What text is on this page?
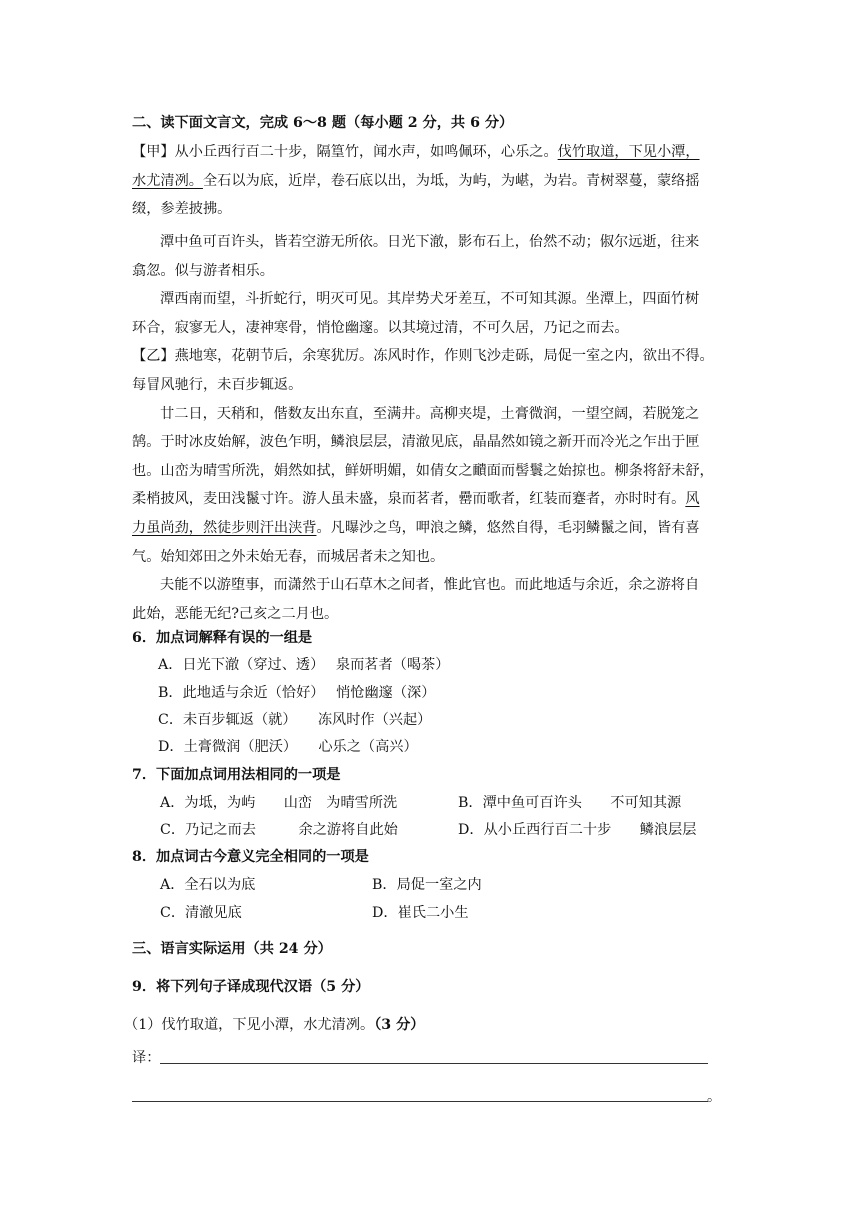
二、读下面文言文，完成 6～8 题（每小题 2 分，共 6 分）
【甲】从小丘西行百二十步，隔篁竹，闻水声，如鸣佩环，心乐之。伐竹取道，下见小潭，
水尤清冽。全石以为底，近岸，卷石底以出，为坻，为屿，为嵁，为岩。青树翠蔓，蒙络摇
缀，参差披拂。
潭中鱼可百许头，皆若空游无所依。日光下澈，影布石上，佁然不动；俶尔远逝，往来
翕忽。似与游者相乐。
潭西南而望，斗折蛇行，明灭可见。其岸势犬牙差互，不可知其源。坐潭上，四面竹树
环合，寂寥无人，凄神寒骨，悄怆幽邃。以其境过清，不可久居，乃记之而去。
【乙】燕地寒，花朝节后，余寒犹厉。冻风时作，作则飞沙走砾，局促一室之内，欲出不得。
每冒风驰行，未百步辄返。
廿二日，天稍和，偕数友出东直，至满井。高柳夹堤，土膏微润，一望空阔，若脱笼之
鹄。于时冰皮始解，波色乍明，鳞浪层层，清澈见底，晶晶然如镜之新开而冷光之乍出于匣
也。山峦为晴雪所洗，娟然如拭，鲜妍明媚，如倩女之靧面而髻鬟之始掠也。柳条将舒未舒，
柔梢披风，麦田浅鬣寸许。游人虽未盛，泉而茗者，罍而歌者，红装而蹇者，亦时时有。风
力虽尚劲，然徒步则汗出浃背。凡曝沙之鸟，呷浪之鳞，悠然自得，毛羽鳞鬣之间，皆有喜
气。始知郊田之外未始无春，而城居者未之知也。
夫能不以游堕事，而潇然于山石草木之间者，惟此官也。而此地适与余近，余之游将自
此始，恶能无纪?己亥之二月也。
6．加点词解释有误的一组是
A．日光下澈（穿过、透）　 泉而茗者（喝茶）
B．此地适与余近（恰好）　 悄怆幽邃（深）
C．未百步辄返（就）　　冻风时作（兴起）
D．土膏微润（肥沃）　　心乐之（高兴）
7．下面加点词用法相同的一项是
A．为坻，为屿　　山峦　为晴雪所洗	B．潭中鱼可百许头　　不可知其源
C．乃记之而去　　　余之游将自此始	D．从小丘西行百二十步　　鳞浪层层
8．加点词古今意义完全相同的一项是
A．全石以为底	B．局促一室之内
C．清澈见底	D．崔氏二小生
三、语言实际运用（共 24 分）
9．将下列句子译成现代汉语（5 分）
（1）伐竹取道，下见小潭，水尤清冽。（3 分）
译：
。
